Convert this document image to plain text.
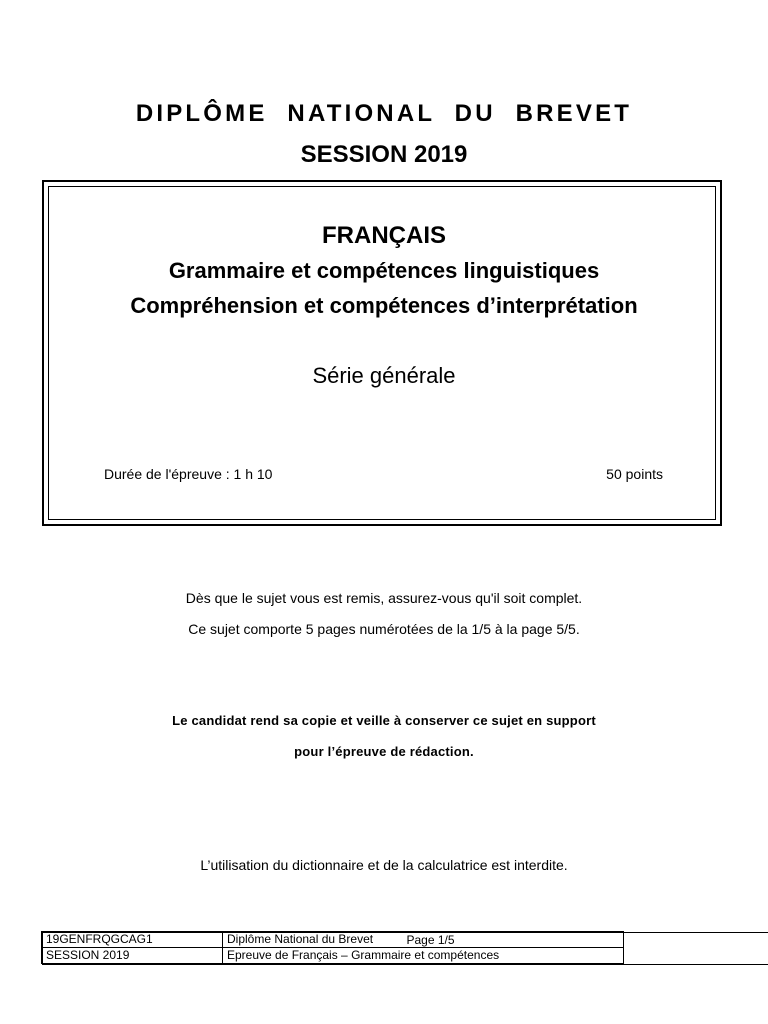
DIPLÔME NATIONAL DU BREVET
SESSION 2019
FRANÇAIS
Grammaire et compétences linguistiques
Compréhension et compétences d’interprétation
Série générale
Durée de l'épreuve : 1 h 10	50 points
Dès que le sujet vous est remis, assurez-vous qu'il soit complet.
Ce sujet comporte 5 pages numérotées de la 1/5 à la page 5/5.
Le candidat rend sa copie et veille à conserver ce sujet en support
pour l’épreuve de rédaction.
L’utilisation du dictionnaire et de la calculatrice est interdite.
19GENFRQGCAG1	Diplôme National du Brevet		Page 1/5

SESSION 2019	Epreuve de Français – Grammaire et compétences
